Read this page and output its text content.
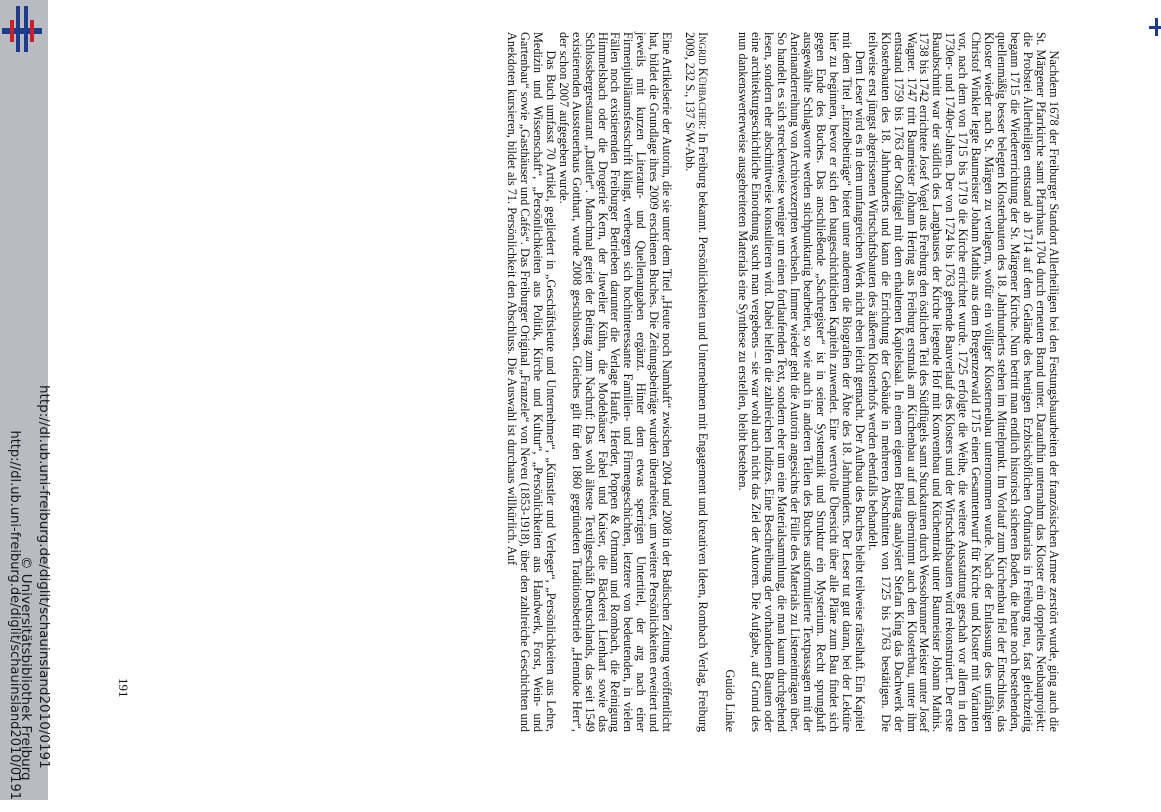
http://dl.ub.uni-freiburg.de/diglit/schauinsland2010/0191 http://dl.ub.uni-freiburg.de/diglit/schauinsland2010/0191
© Universitätsbibliothek Freiburg	191	Nachdem 1678 der Freiburger Standort Allerheiligen bei den Festungsbauarbeiten der französischen Armee zerstört wurde, ging auch die St. Märgener Pfarrkirche samt Pfarrhaus 1704 durch erneuten Brand unter. Daraufhin unternahm das Kloster ein doppeltes Neubauprojekt: die Probstei Allerheiligen entstand ab 1714 auf dem Gelände des heutigen Erzbischöflichen Ordinariats in Freiburg neu, fast gleichzeitig begann 1715 die Wiedererrichtung der St. Märgener Kirche. Nun betritt man endlich historisch sicheren Boden, die heute noch bestehenden, quellenmäßig besser belegten Klosterbauten des 18. Jahrhunderts stehen im Mittelpunkt. Im Vorlauf zum Kirchenbau fiel der Entschluss, das Kloster wieder nach St. Märgen zu verlagern, wofür ein völliger Klosterneubau unternommen wurde. Nach der Entlassung des unfähigen Christof Winkler legte Baumeister Johann Mathis aus dem Bregenzerwald 1715 einen Gesamtentwurf für Kirche und Kloster mit Varianten vor, nach dem von 1715 bis 1719 die Kirche errichtet wurde. 1725 erfolgte die Weihe, die weitere Ausstattung geschah vor allem in den 1730er- und 1740er-Jahren. Der von 1724 bis 1763 gehende Bauverlauf des Klosters und der Wirtschaftsbauten wird rekonstruiert. Der erste Bauabschnitt war der südlich des Langhauses der Kirche liegende Hof mit Konventbau und Küchentrakt unter Baumeister Johann Mathis. 1738 bis 1742 errichtete Josef Vogel aus Freiburg den östlichen Teil des Südflügels samt Stuckaturen durch Wessobrunner Meister unter Josef Wagner. 1747 tritt Baumeister Johann Hering aus Freiburg erstmals am Kirchenbau auf und übernimmt auch den Klosterbau, unter ihm entstand 1759 bis 1763 der Ostflügel mit dem erhaltenen Kapitelsaal. In einem eigenen Beitrag analysiert Stefan King das Dachwerk der Klosterbauten des 18. Jahrhunderts und kann die Errichtung der Gebäude in mehreren Abschnitten von 1725 bis 1763 bestätigen. Die teilweise erst jüngst abgerissenen Wirtschaftsbauten des äußeren Klosterhofs werden ebenfalls behandelt.

Dem Leser wird es in dem umfangreichen Werk nicht eben leicht gemacht. Der Aufbau des Buches bleibt teilweise rätselhaft. Ein Kapitel mit dem Titel „Einzelbeiträge“ bietet unter anderem die Biografien der Äbte des 18. Jahrhunderts. Der Leser tut gut daran, bei der Lektüre hier zu beginnen, bevor er sich den baugeschichtlichen Kapiteln zuwendet. Eine wertvolle Übersicht über alle Pläne zum Bau findet sich gegen Ende des Buches. Das anschließende „Sachregister“ ist in seiner Systematik und Struktur ein Mysterium. Recht sprunghaft ausgewählte Schlagworte werden stichpunktartig bearbeitet, so wie auch in anderen Teilen des Buches ausformulierte Textpassagen mit der Aneinanderreihung von Archivexzerpten wechseln. Immer wieder geht die Autorin angesichts der Fülle des Materials zu Listeneinträgen über. So handelt es sich streckenweise weniger um einen fortlaufenden Text, sondern eher um eine Materialsammlung, die man kaum durchgehend lesen, sondern eher abschnittweise konsultieren wird. Dabei helfen die zahlreichen Indizes. Eine Beschreibung der vorhandenen Bauten oder eine architekturgeschichtliche Einordnung sucht man vergebens – sie war wohl auch nicht das Ziel der Autoren. Die Aufgabe, auf Grund des nun dankenswerterweise ausgebreiteten Materials eine Synthese zu erstellen, bleibt bestehen.

Guido Linke

Ingrid Kühbacher: In Freiburg bekannt. Persönlichkeiten und Unternehmen mit Engagement und kreativen Ideen, Rombach Verlag, Freiburg 2009, 232 S., 137 S/W-Abb.

Eine Artikelserie der Autorin, die sie unter dem Titel „Heute noch Namhaft“ zwischen 2004 und 2008 in der Badischen Zeitung veröffentlicht hat, bildet die Grundlage ihres 2009 erschienen Buches. Die Zeitungsbeiträge wurden überarbeitet, um weitere Persönlichkeiten erweitert und jeweils mit kurzen Literatur- und Quellenangaben ergänzt. Hinter dem etwas sperrigen Untertitel, der arg nach einer Firmenjubiläumsfestschrift klingt, verbergen sich hochinteressante Familien- und Firmengeschichten, letztere von bedeutenden, in vielen Fällen noch existierenden Freiburger Betrieben darunter die Verlage Haufe, Herder, Poppen & Ortmann und Rombach, die Reinigung Himmelsbach oder die Drogerie Kern, der Juwelier Kühn, die Modehäuser Fabel und Kaiser, die Bäckerei Lienhart sowie das Schlossbergrestaurant „Dattler“. Manchmal geriet der Beitrag zum Nachruf: Das wohl älteste Textilgeschäft Deutschlands, das seit 1549 existierenden Aussteuerhaus Gotthart, wurde 2008 geschlossen. Gleiches gilt für den 1860 gegründeten Traditionsbetrieb „Henndoe Herr“, der schon 2007 aufgegeben wurde.

Das Buch umfasst 70 Artikel, gegliedert in „Geschäftsleute und Unternehmer“, „Künstler und Verleger“, „Persönlichkeiten aus Lehre, Medizin und Wissenschaft“, „Persönlichkeiten aus Politik, Kirche und Kultur“, „Persönlichkeiten aus Handwerk, Forst, Wein- und Gartenbau“ sowie „Gasthäuser und Cafés“. Das Freiburger Original „Franzele“ von Neveu (1853-1918), über den zahlreiche Geschichten und Anekdoten kursieren, bildet als 71. Persönlichkeit den Abschluss. Die Auswahl ist durchaus willkürlich. Auf
